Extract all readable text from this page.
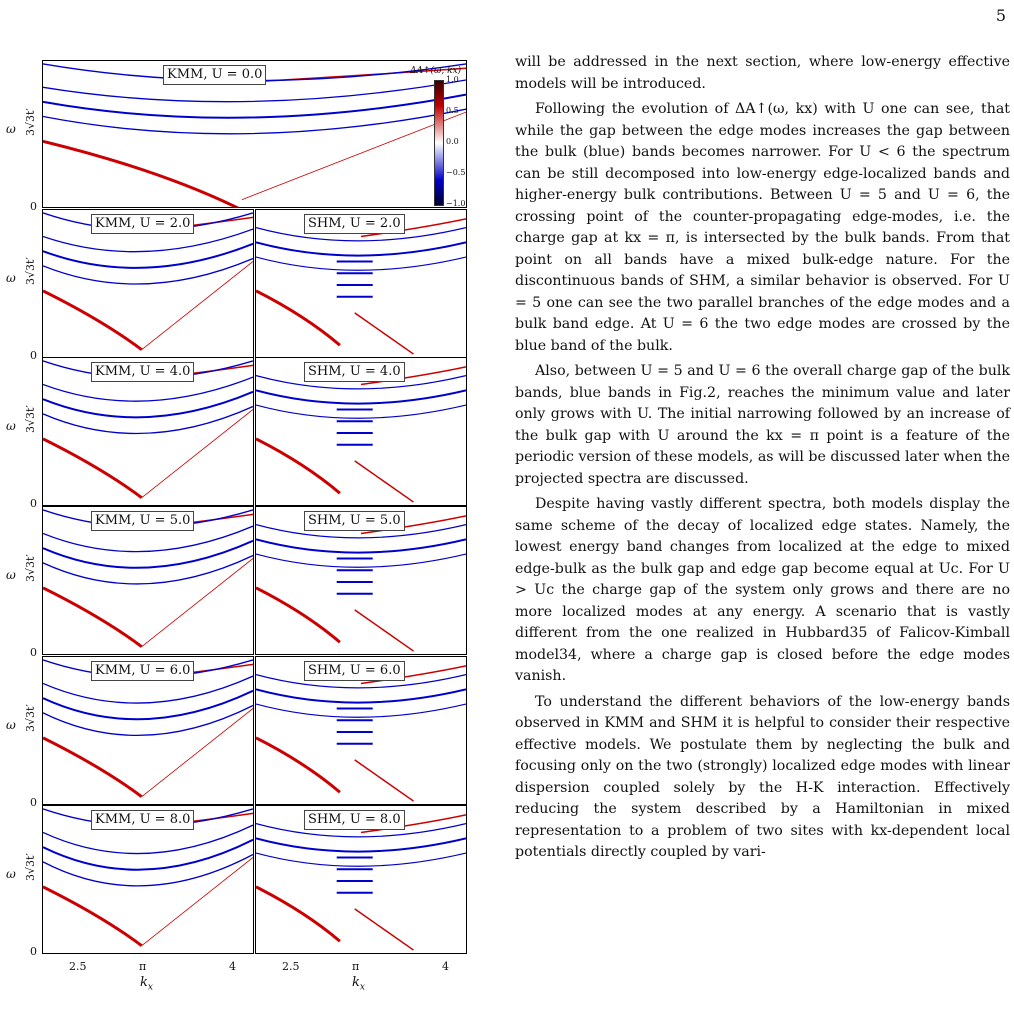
5
KMM, U = 0.0
KMM, U = 2.0	SHM, U = 2.0
KMM, U = 4.0	SHM, U = 4.0
KMM, U = 5.0	SHM, U = 5.0
KMM, U = 6.0	SHM, U = 6.0
KMM, U = 8.0	SHM, U = 8.0
ω 3√3t′
0
ω 3√3t′
0
ω 3√3t′
0
ω 3√3t′
0
ω 3√3t′
0
ω 3√3t′
0
2.5	π	4
$k_x$
2.5	π	4
$k_x$
ΔA↑(ω, kx)
1.0
0.5
0.0
−0.5
−1.0

will be addressed in the next section, where low-energy effective models will be introduced.

Following the evolution of ΔA↑(ω, kx) with U one can see, that while the gap between the edge modes increases the gap between the bulk (blue) bands becomes narrower. For U < 6 the spectrum can be still decomposed into low-energy edge-localized bands and higher-energy bulk contributions. Between U = 5 and U = 6, the crossing point of the counter-propagating edge-modes, i.e. the charge gap at kx = π, is intersected by the bulk bands. From that point on all bands have a mixed bulk-edge nature. For the discontinuous bands of SHM, a similar behavior is observed. For U = 5 one can see the two parallel branches of the edge modes and a bulk band edge. At U = 6 the two edge modes are crossed by the blue band of the bulk.

Also, between U = 5 and U = 6 the overall charge gap of the bulk bands, blue bands in Fig.2, reaches the minimum value and later only grows with U. The initial narrowing followed by an increase of the bulk gap with U around the kx = π point is a feature of the periodic version of these models, as will be discussed later when the projected spectra are discussed.

Despite having vastly different spectra, both models display the same scheme of the decay of localized edge states. Namely, the lowest energy band changes from localized at the edge to mixed edge-bulk as the bulk gap and edge gap become equal at Uc. For U > Uc the charge gap of the system only grows and there are no more localized modes at any energy. A scenario that is vastly different from the one realized in Hubbard35 of Falicov-Kimball model34, where a charge gap is closed before the edge modes vanish.

To understand the different behaviors of the low-energy bands observed in KMM and SHM it is helpful to consider their respective effective models. We postulate them by neglecting the bulk and focusing only on the two (strongly) localized edge modes with linear dispersion coupled solely by the H-K interaction. Effectively reducing the system described by a Hamiltonian in mixed representation to a problem of two sites with kx-dependent local potentials directly coupled by vari-
